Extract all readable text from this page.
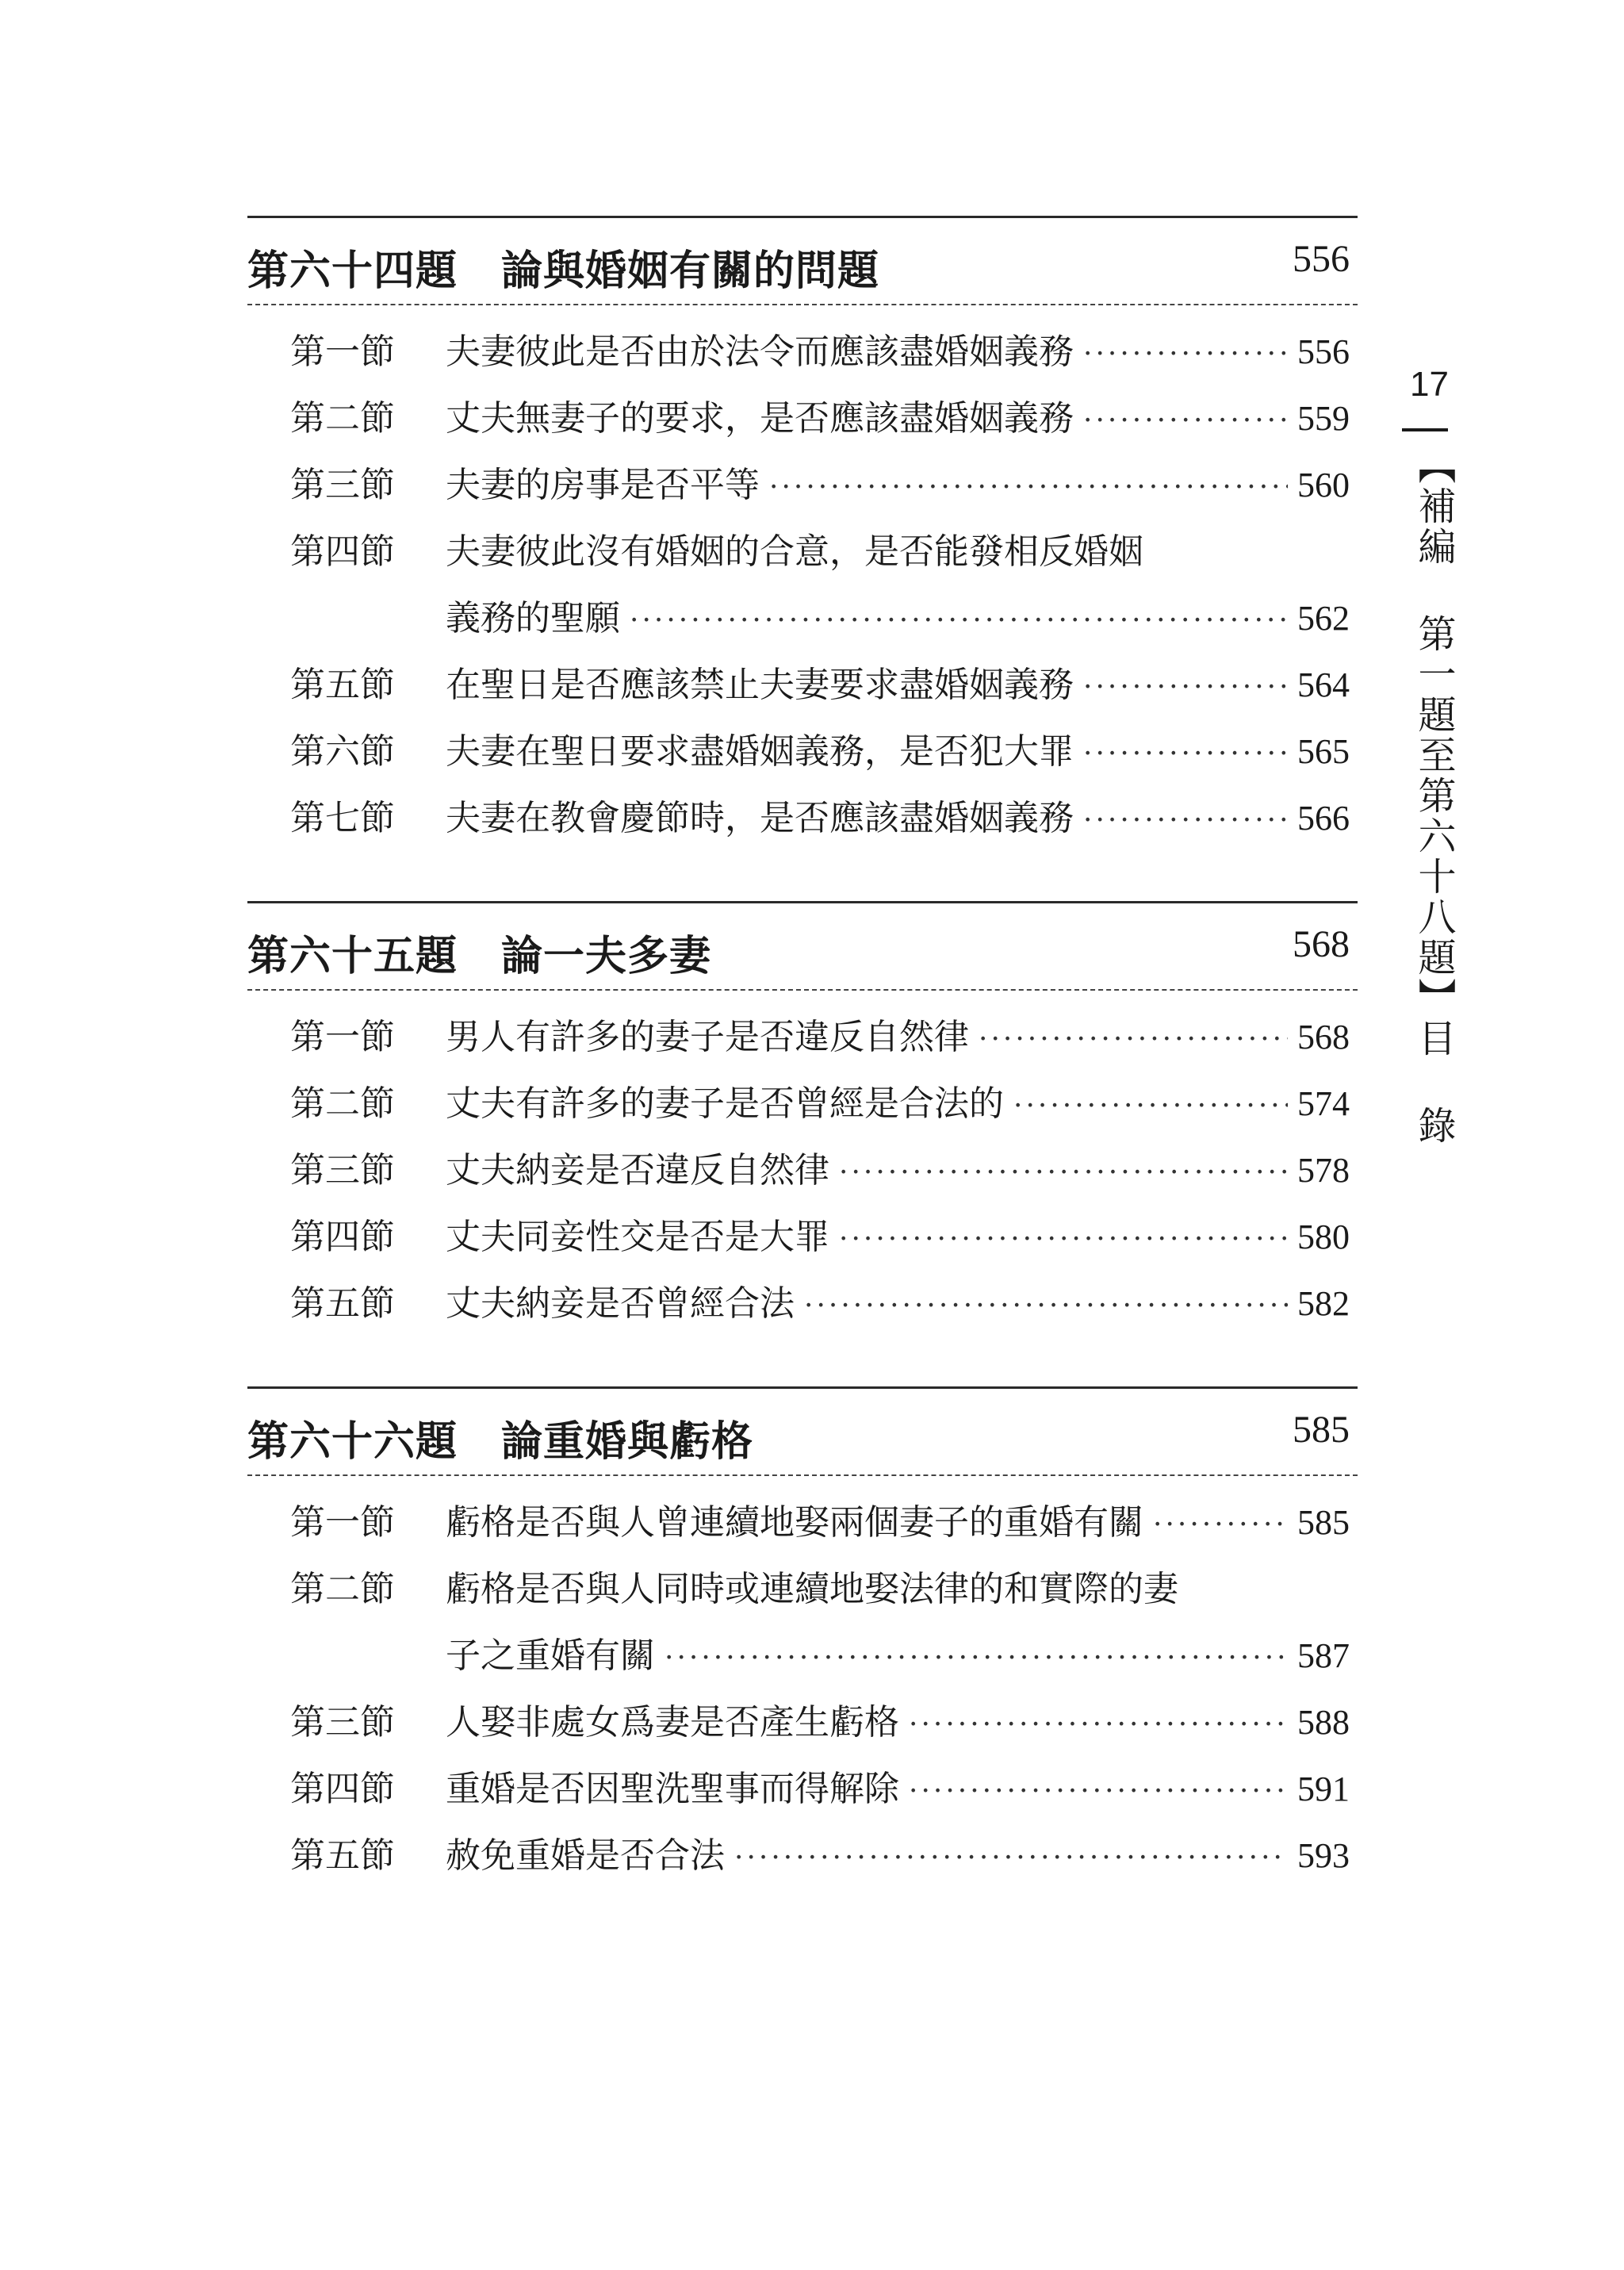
第六十四題 論與婚姻有關的問題	556
第一節 夫妻彼此是否由於法令而應該盡婚姻義務 ·····	556
第二節 丈夫無妻子的要求，是否應該盡婚姻義務 ·····	559
第三節 夫妻的房事是否平等 ·····	560
第四節 夫妻彼此沒有婚姻的合意，是否能發相反婚姻
義務的聖願 ·····	562
第五節 在聖日是否應該禁止夫妻要求盡婚姻義務 ·····	564
第六節 夫妻在聖日要求盡婚姻義務，是否犯大罪 ·····	565
第七節 夫妻在教會慶節時，是否應該盡婚姻義務 ·····	566
第六十五題 論一夫多妻	568
第一節 男人有許多的妻子是否違反自然律 ·····	568
第二節 丈夫有許多的妻子是否曾經是合法的 ·····	574
第三節 丈夫納妾是否違反自然律 ·····	578
第四節 丈夫同妾性交是否是大罪 ·····	580
第五節 丈夫納妾是否曾經合法 ·····	582
第六十六題 論重婚與虧格	585
第一節 虧格是否與人曾連續地娶兩個妻子的重婚有關 ·····	585
第二節 虧格是否與人同時或連續地娶法律的和實際的妻
子之重婚有關 ·····	587
第三節 人娶非處女爲妻是否產生虧格 ·····	588
第四節 重婚是否因聖洗聖事而得解除 ·····	591
第五節 赦免重婚是否合法 ·····	593
17
【補編 第一題至第六十八題】目 錄
